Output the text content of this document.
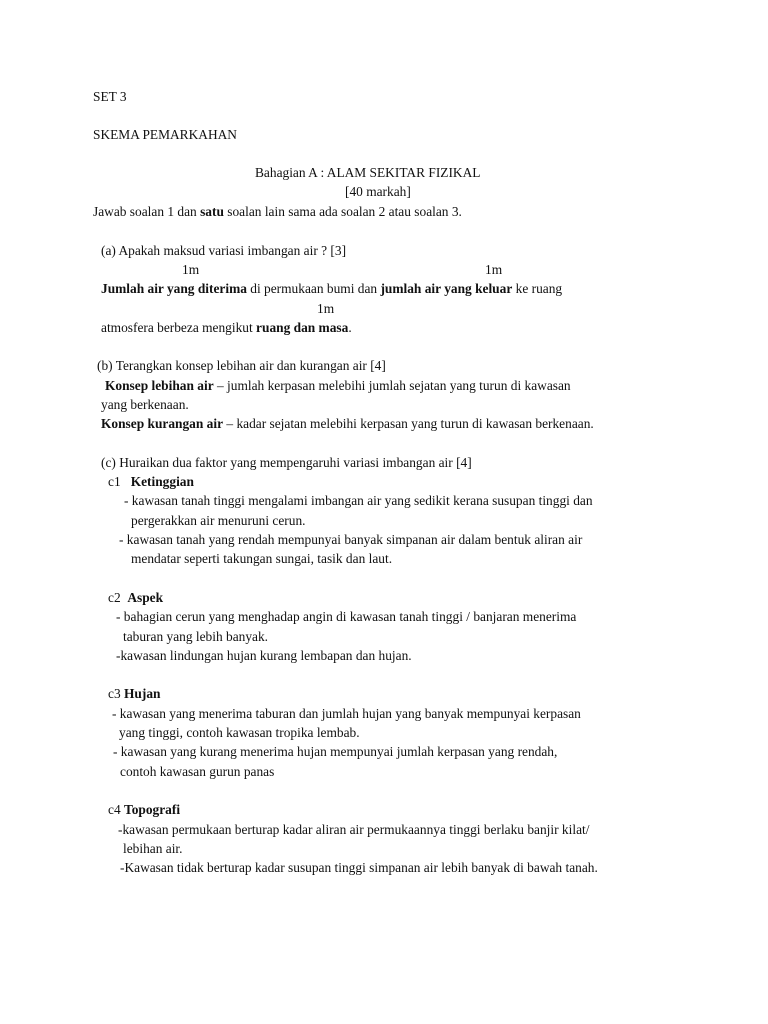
SET 3
SKEMA PEMARKAHAN
Bahagian A : ALAM SEKITAR FIZIKAL
[40 markah]
Jawab soalan 1 dan satu soalan lain sama ada soalan 2 atau soalan 3.
(a) Apakah maksud variasi imbangan air ? [3]
1m	1m
Jumlah air yang diterima di permukaan bumi dan jumlah air yang keluar ke ruang
1m
atmosfera berbeza mengikut ruang dan masa.
(b) Terangkan konsep lebihan air dan kurangan air [4]
Konsep lebihan air – jumlah kerpasan melebihi jumlah sejatan yang turun di kawasan
yang berkenaan.
Konsep kurangan air – kadar sejatan melebihi kerpasan yang turun di kawasan berkenaan.
(c) Huraikan dua faktor yang mempengaruhi variasi imbangan air [4]
c1 Ketinggian
- kawasan tanah tinggi mengalami imbangan air yang sedikit kerana susupan tinggi dan
pergerakkan air menuruni cerun.
- kawasan tanah yang rendah mempunyai banyak simpanan air dalam bentuk aliran air
mendatar seperti takungan sungai, tasik dan laut.
c2 Aspek
- bahagian cerun yang menghadap angin di kawasan tanah tinggi / banjaran menerima
taburan yang lebih banyak.
-kawasan lindungan hujan kurang lembapan dan hujan.
c3 Hujan
- kawasan yang menerima taburan dan jumlah hujan yang banyak mempunyai kerpasan
yang tinggi, contoh kawasan tropika lembab.
- kawasan yang kurang menerima hujan mempunyai jumlah kerpasan yang rendah,
contoh kawasan gurun panas
c4 Topografi
-kawasan permukaan berturap kadar aliran air permukaannya tinggi berlaku banjir kilat/
lebihan air.
-Kawasan tidak berturap kadar susupan tinggi simpanan air lebih banyak di bawah tanah.
